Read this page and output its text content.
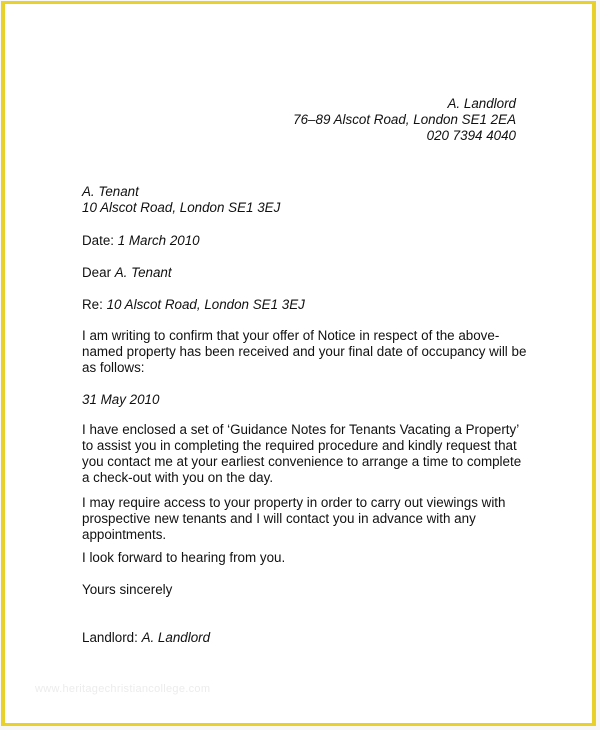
A. Landlord
76–89 Alscot Road, London SE1 2EA
020 7394 4040
A. Tenant
10 Alscot Road, London SE1 3EJ
Date: 1 March 2010
Dear A. Tenant
Re: 10 Alscot Road, London SE1 3EJ
I am writing to confirm that your offer of Notice in respect of the above-named property has been received and your final date of occupancy will be as follows:
31 May 2010
I have enclosed a set of ‘Guidance Notes for Tenants Vacating a Property’ to assist you in completing the required procedure and kindly request that you contact me at your earliest convenience to arrange a time to complete a check-out with you on the day.
I may require access to your property in order to carry out viewings with prospective new tenants and I will contact you in advance with any appointments.
I look forward to hearing from you.
Yours sincerely
Landlord: A. Landlord
www.heritagechristiancollege.com
